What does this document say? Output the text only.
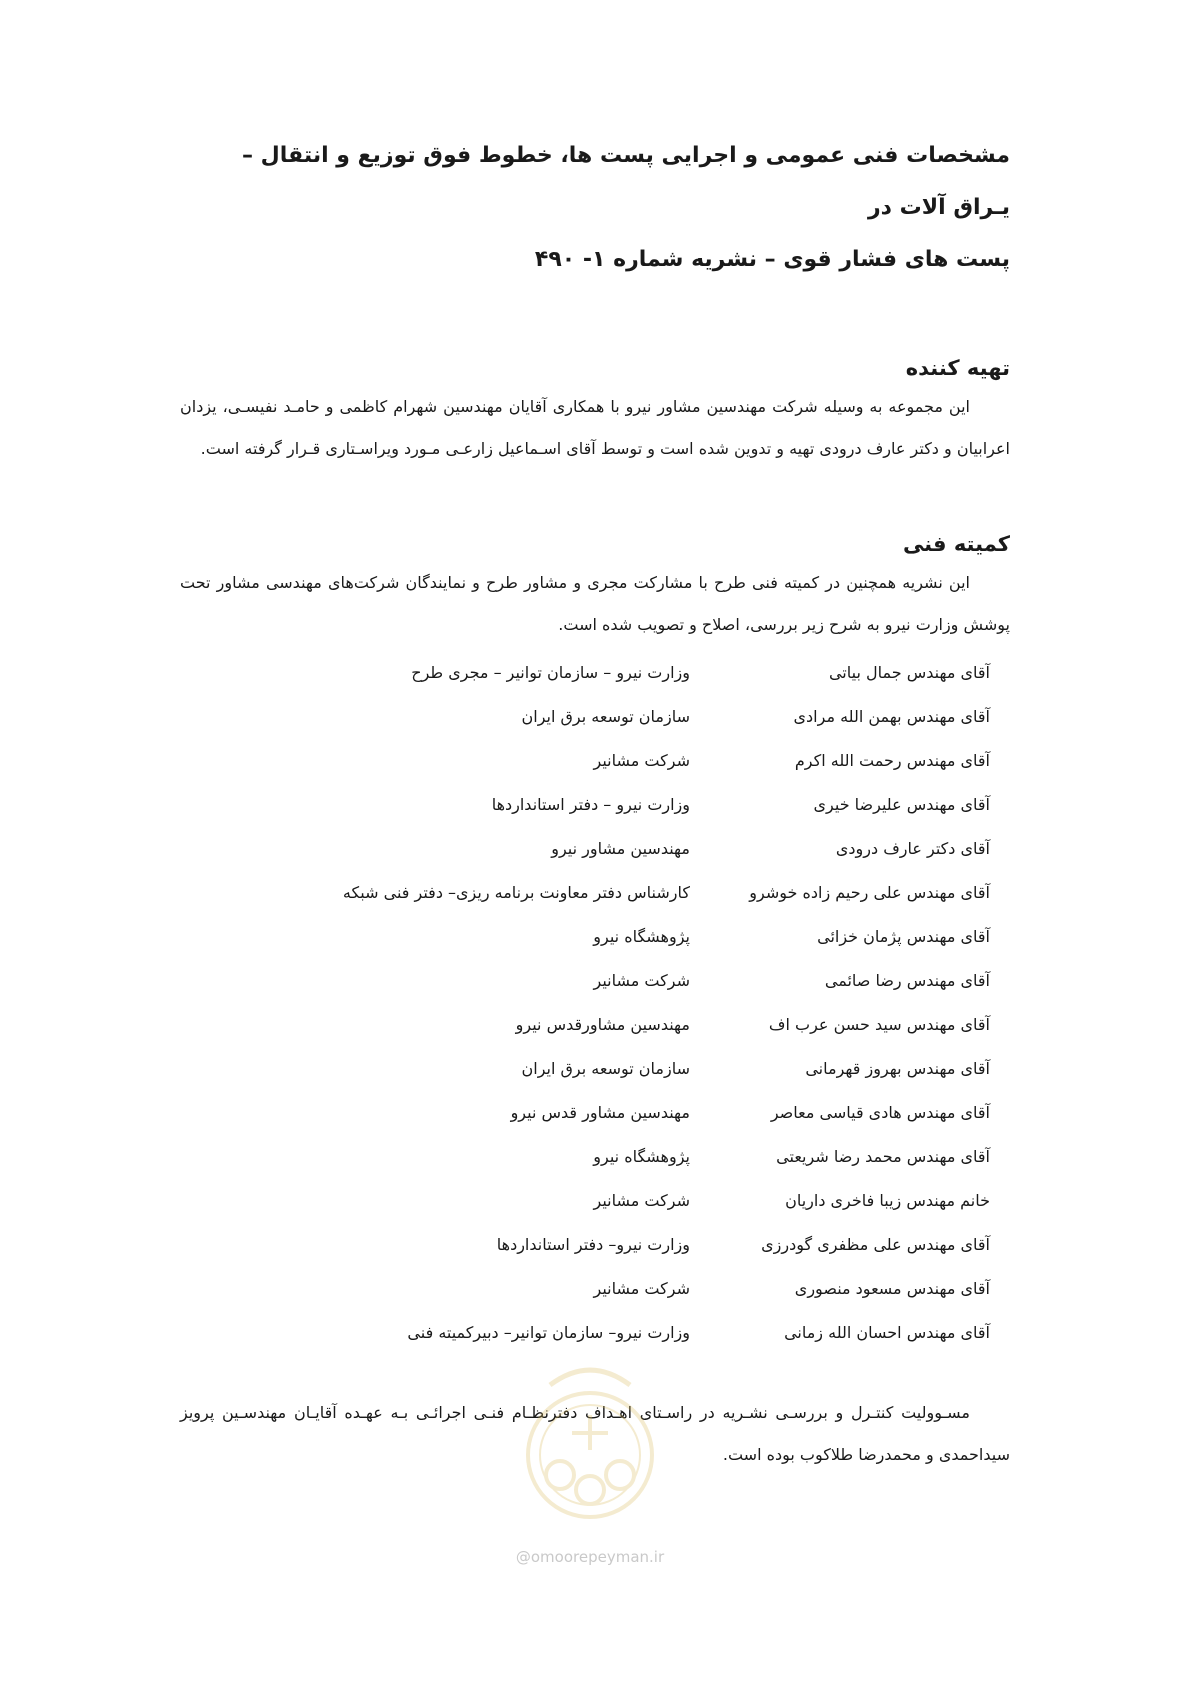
مشخصات فنی عمومی و اجرایی پست ها، خطوط فوق توزیع و انتقال – یـراق آلات در
پست های فشار قوی – نشریه شماره ۱- ۴۹۰
تهیه کننده

این مجموعه به وسیله شرکت مهندسین مشاور نیرو با همکاری آقایان مهندسین شهرام کاظمی و حامـد نفیسـی، یزدان اعرابیان و دکتر عارف درودی تهیه و تدوین شده است و توسط آقای اسـماعیل زارعـی مـورد ویراسـتاری قـرار گرفته است.

کمیته فنی

این نشریه همچنین در کمیته فنی طرح با مشارکت مجری و مشاور طرح و نمایندگان شرکت‌های مهندسی مشاور تحت پوشش وزارت نیرو به شرح زیر بررسی، اصلاح و تصویب شده است.

آقای مهندس جمال بیاتی
وزارت نیرو – سازمان توانیر – مجری طرح
آقای مهندس بهمن الله مرادی
سازمان توسعه برق ایران
آقای مهندس رحمت الله اکرم
شرکت مشانیر
آقای مهندس علیرضا خیری
وزارت نیرو – دفتر استانداردها
آقای دکتر عارف درودی
مهندسین مشاور نیرو
آقای مهندس علی رحیم زاده خوشرو
کارشناس دفتر معاونت برنامه ریزی– دفتر فنی شبکه
آقای مهندس پژمان خزائی
پژوهشگاه نیرو
آقای مهندس رضا صائمی
شرکت مشانیر
آقای مهندس سید حسن عرب اف
مهندسین مشاورقدس نیرو
آقای مهندس بهروز قهرمانی
سازمان توسعه برق ایران
آقای مهندس هادی قیاسی معاصر
مهندسین مشاور قدس نیرو
آقای مهندس محمد رضا شریعتی
پژوهشگاه نیرو
خانم مهندس زیبا فاخری داریان
شرکت مشانیر
آقای مهندس علی مظفری گودرزی
وزارت نیرو– دفتر استانداردها
آقای مهندس مسعود منصوری
شرکت مشانیر
آقای مهندس احسان الله زمانی
وزارت نیرو– سازمان توانیر– دبیرکمیته فنی

مسـوولیت کنتـرل و بررسـی نشـریه در راسـتای اهـداف دفترنظـام فنـی اجرائـی بـه عهـده آقایـان مهندسـین پرویز سیداحمدی و محمدرضا طلاکوب بوده است.

@omoorepeyman.ir
